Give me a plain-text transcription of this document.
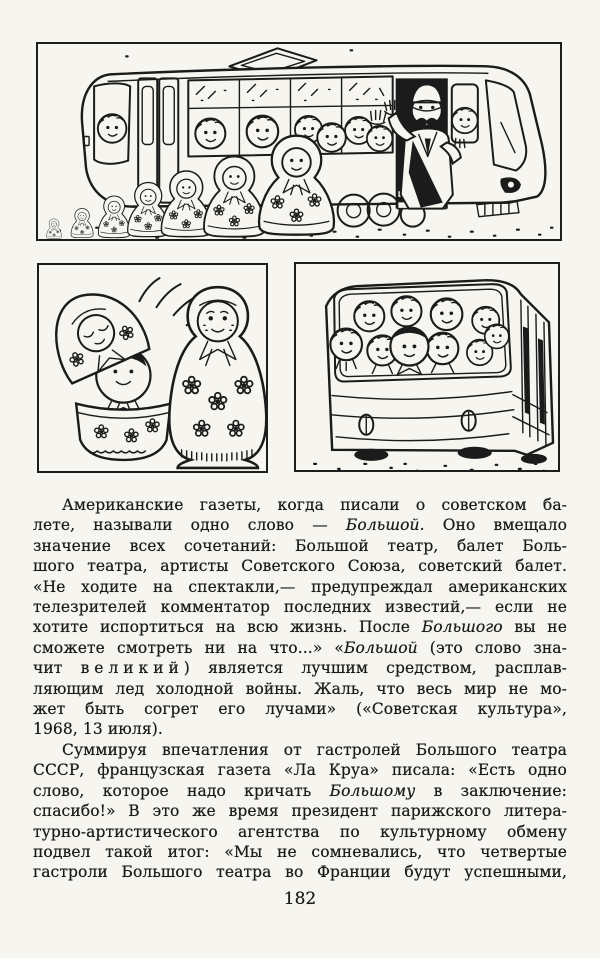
Американские газеты, когда писали о советском ба-
лете, называли одно слово — Большой. Оно вмещало
значение всех сочетаний: Большой театр, балет Боль-
шого театра, артисты Советского Союза, советский балет.
«Не ходите на спектакли,— предупреждал американских
телезрителей комментатор последних известий,— если не
хотите испортиться на всю жизнь. После Большого вы не
сможете смотреть ни на что...» «Большой (это слово зна-
чит великий) является лучшим средством, расплав-
ляющим лед холодной войны. Жаль, что весь мир не мо-
жет быть согрет его лучами» («Советская культура»,
1968, 13 июля).
Суммируя впечатления от гастролей Большого театра
СССР, французская газета «Ла Круа» писала: «Есть одно
слово, которое надо кричать Большому в заключение:
спасибо!» В это же время президент парижского литера-
турно-артистического агентства по культурному обмену
подвел такой итог: «Мы не сомневались, что четвертые
гастроли Большого театра во Франции будут успешными,
182
